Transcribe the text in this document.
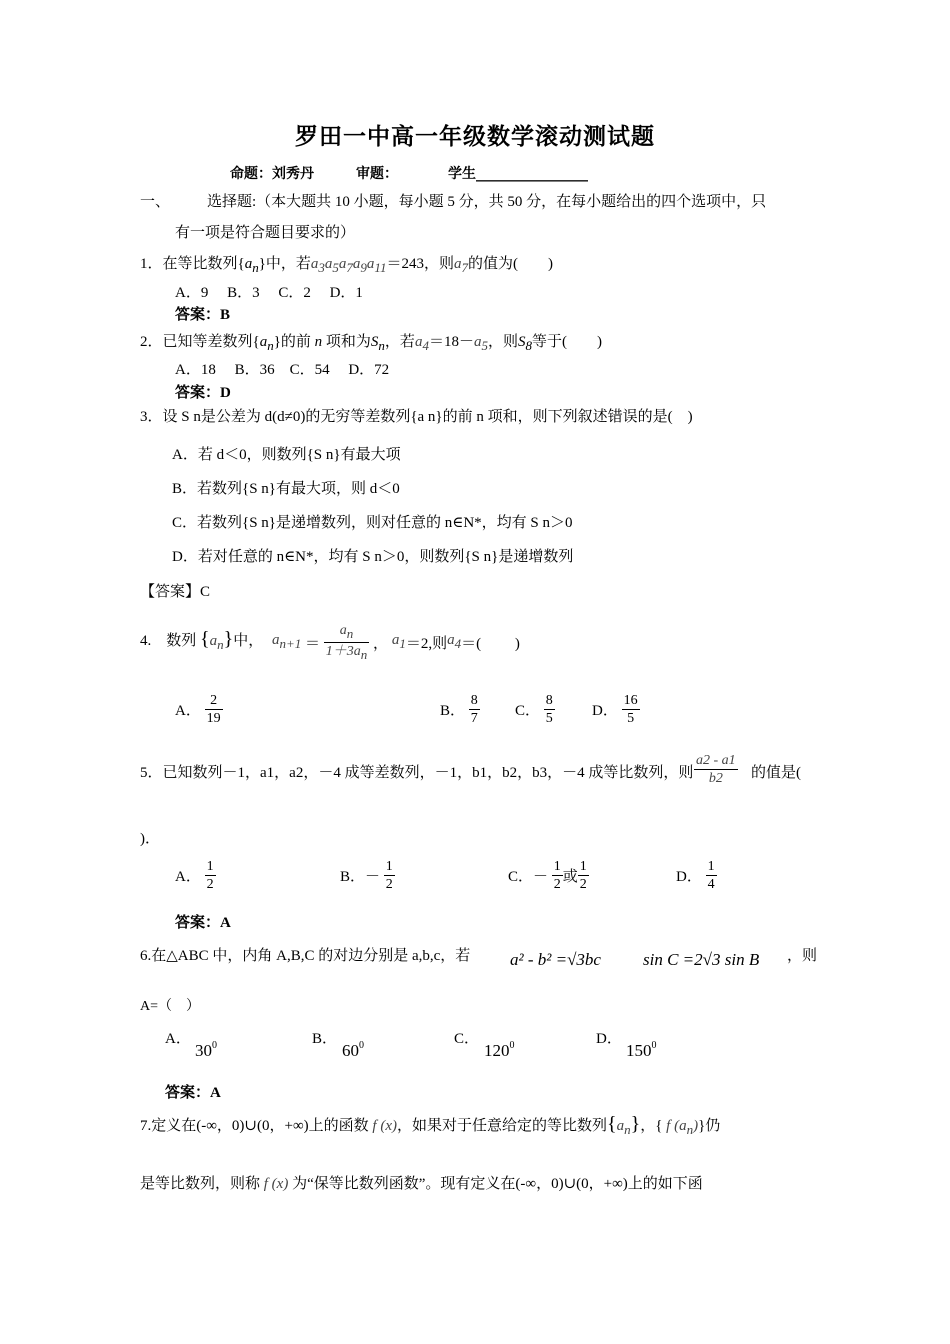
罗田一中高一年级数学滚动测试题
命题：刘秀丹	审题：	学生________________
一、 选择题:（本大题共 10 小题，每小题 5 分，共 50 分，在每小题给出的四个选项中，只
有一项是符合题目要求的）
1．在等比数列$\{a_n\}$中，若$a_3a_5a_7a_9a_{11}=243$，则$a_7$的值为(　　)
A．9　 B．3　 C．2　 D．1
答案：B
2．已知等差数列$\{a_n\}$的前 n 项和为$S_n$，若$a_4=18-a_5$，则$S_8$等于(　　)
A．18　 B．36　C．54　 D．72
答案：D
3．设 S n是公差为 d(d≠0)的无穷等差数列{a n}的前 n 项和，则下列叙述错误的是(　)
A．若 d＜0，则数列{S n}有最大项
B．若数列{S n}有最大项，则 d＜0
C．若数列{S n}是递增数列，则对任意的 n∈N*，均有 S n＞0
D．若对任意的 n∈N*，均有 S n＞0，则数列{S n}是递增数列
【答案】C
4.　数列 $\{a_n\}$中， $a_{n+1} = \frac{a_n}{1+3a_n}$ ， $a_1=2$,则$a_4=$(　　 )
A． $\frac{2}{19}$	B． $\frac{8}{7}$ C． $\frac{8}{5}$ D． $\frac{16}{5}$
5．已知数列－1，a1，a2，－4 成等差数列，－1，b1，b2，b3，－4 成等比数列，则 $\frac{a2 - a1}{b2}$ 的值是(
)．
A． $\frac{1}{2}$	B．－ $\frac{1}{2}$	C．－ $\frac{1}{2}$ 或 $\frac{1}{2}$	D． $\frac{1}{4}$
答案：A
6.在△ABC 中，内角 A,B,C 的对边分别是 a,b,c，若 a² - b² =√3bc sin C =2√3 sin B ，则
A=（　）
A．
$30^0$	B．
$60^0$	C．
$120^0$	D．
$150^0$
答案：A
7.定义在(-∞，0)∪(0，+∞)上的函数 f (x)，如果对于任意给定的等比数列$\{a_n\}$，{ f $(a_n)$}仍
是等比数列，则称 f (x) 为“保等比数列函数”。现有定义在(-∞，0)∪(0，+∞)上的如下函
